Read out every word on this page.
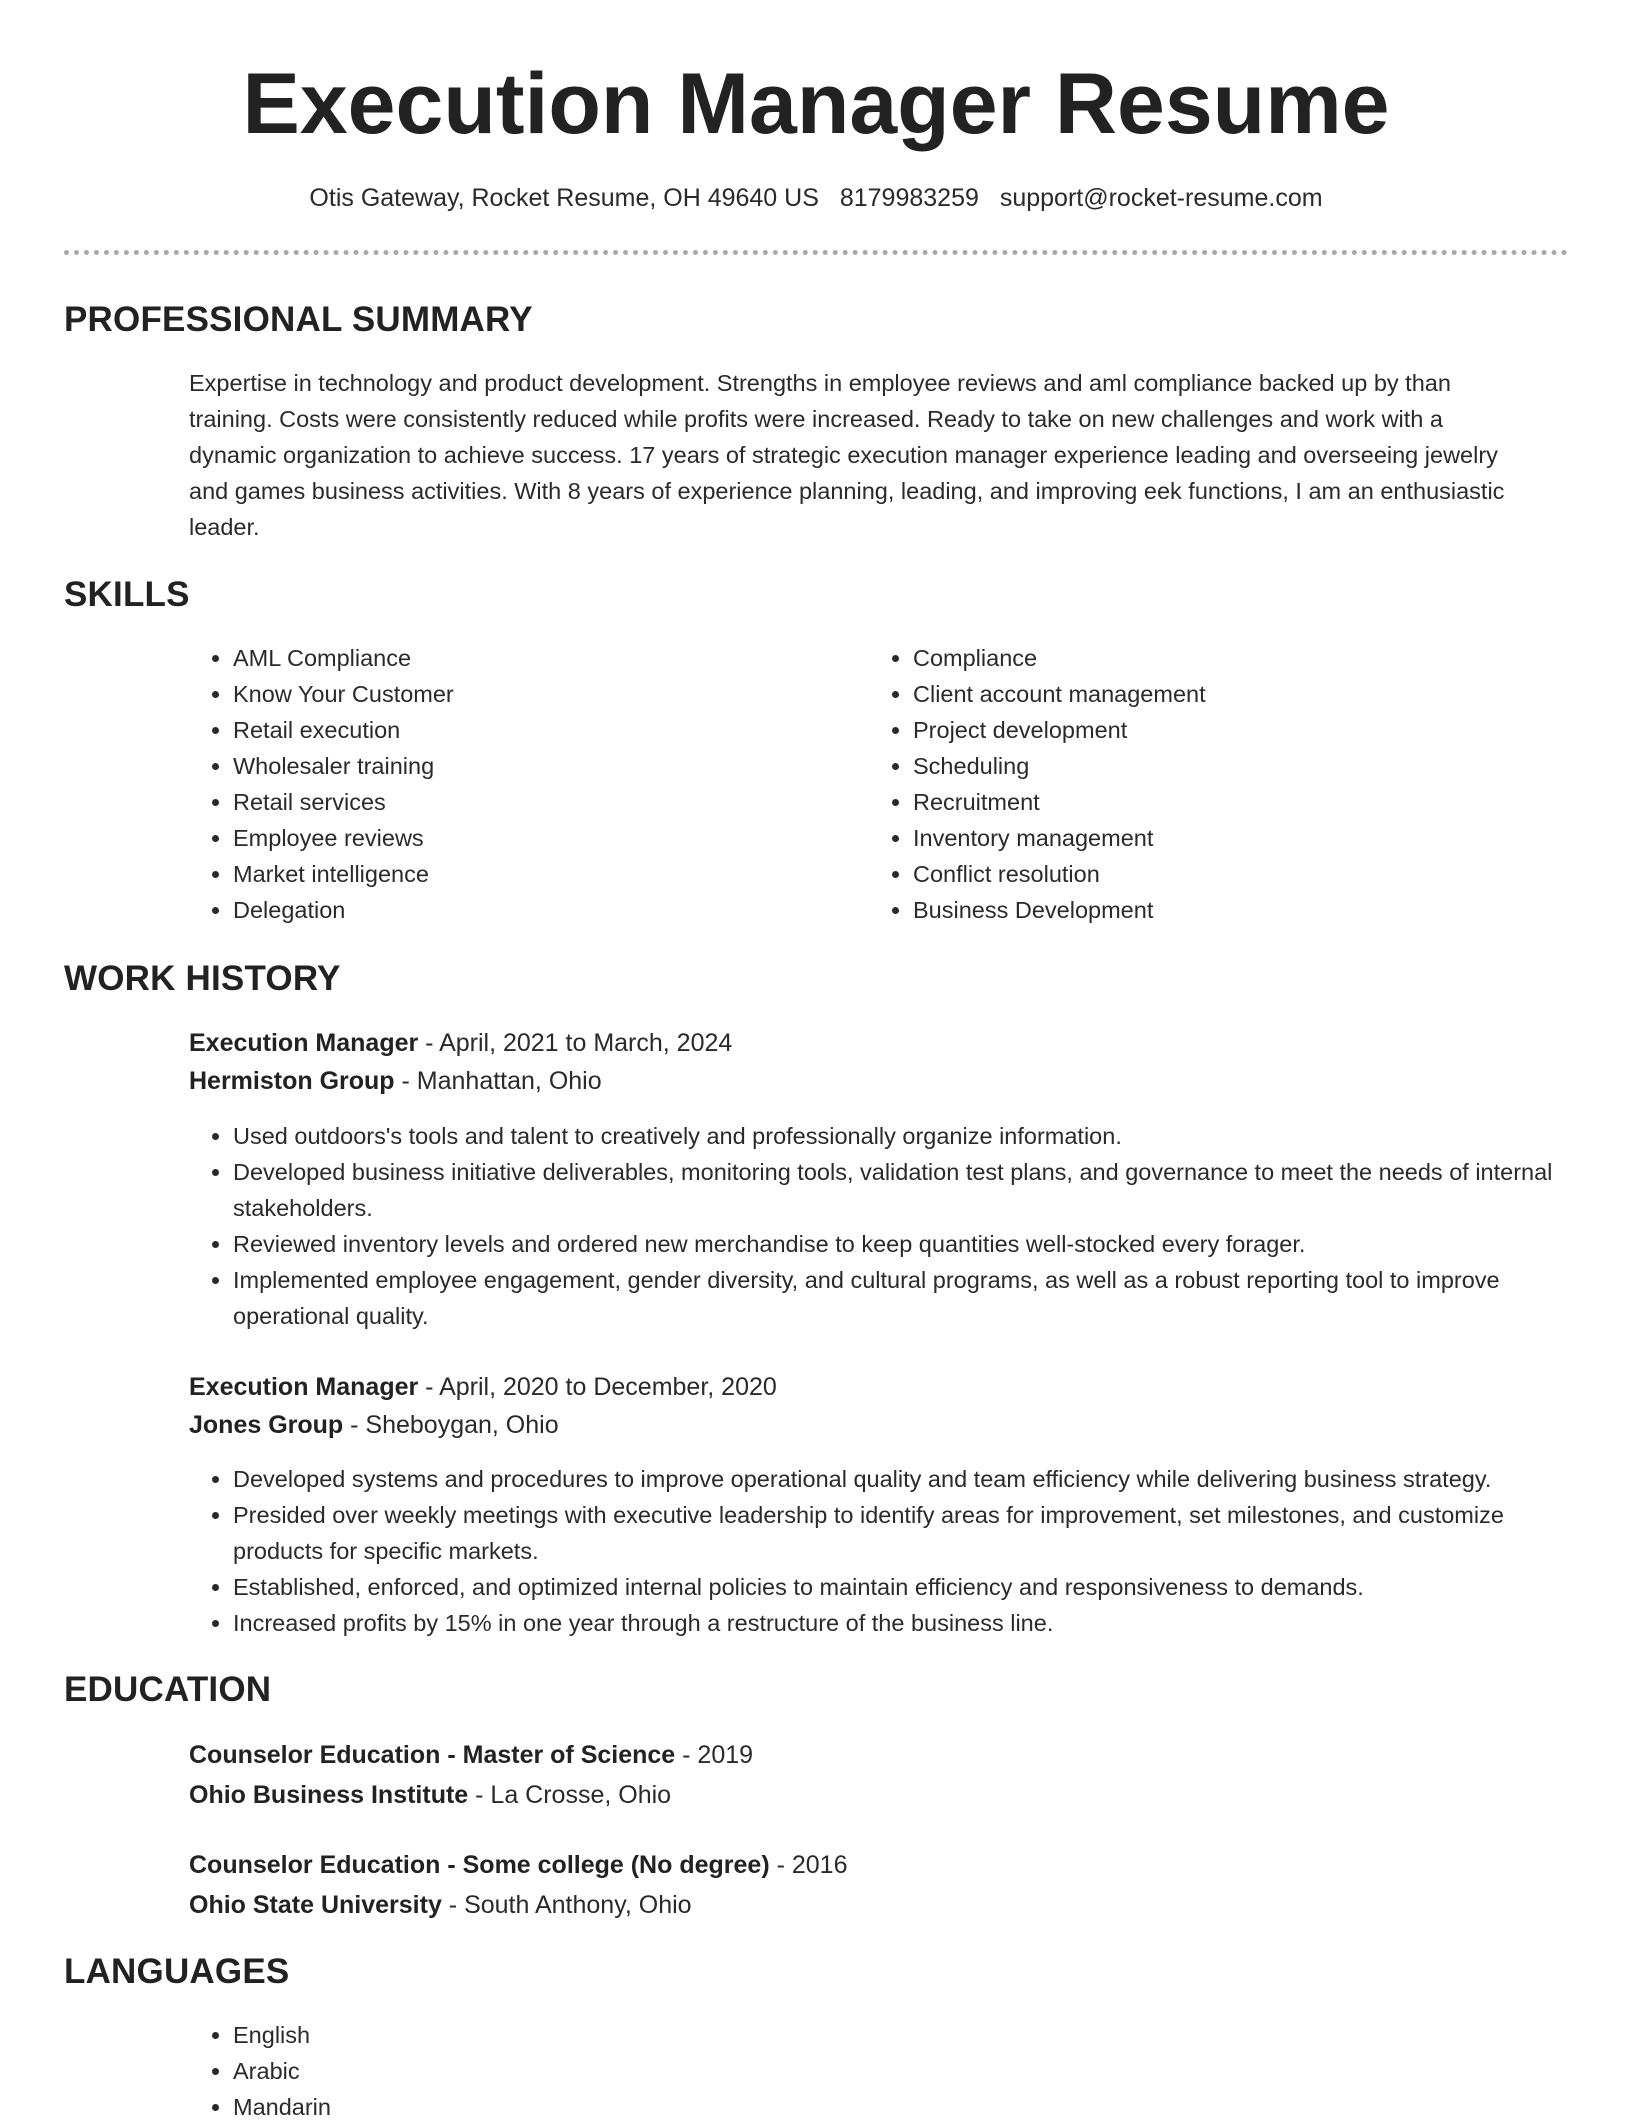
Execution Manager Resume
Otis Gateway, Rocket Resume, OH 49640 US 8179983259 support@rocket-resume.com
PROFESSIONAL SUMMARY

Expertise in technology and product development. Strengths in employee reviews and aml compliance backed up by than training. Costs were consistently reduced while profits were increased. Ready to take on new challenges and work with a dynamic organization to achieve success. 17 years of strategic execution manager experience leading and overseeing jewelry and games business activities. With 8 years of experience planning, leading, and improving eek functions, I am an enthusiastic leader.

SKILLS
• AML Compliance
• Know Your Customer
• Retail execution
• Wholesaler training
• Retail services
• Employee reviews
• Market intelligence
• Delegation
• Compliance
• Client account management
• Project development
• Scheduling
• Recruitment
• Inventory management
• Conflict resolution
• Business Development
WORK HISTORY
Execution Manager - April, 2021 to March, 2024
Hermiston Group - Manhattan, Ohio
• Used outdoors's tools and talent to creatively and professionally organize information.
• Developed business initiative deliverables, monitoring tools, validation test plans, and governance to meet the needs of internal stakeholders.
• Reviewed inventory levels and ordered new merchandise to keep quantities well-stocked every forager.
• Implemented employee engagement, gender diversity, and cultural programs, as well as a robust reporting tool to improve operational quality.
Execution Manager - April, 2020 to December, 2020
Jones Group - Sheboygan, Ohio
• Developed systems and procedures to improve operational quality and team efficiency while delivering business strategy.
• Presided over weekly meetings with executive leadership to identify areas for improvement, set milestones, and customize products for specific markets.
• Established, enforced, and optimized internal policies to maintain efficiency and responsiveness to demands.
• Increased profits by 15% in one year through a restructure of the business line.
EDUCATION
Counselor Education - Master of Science - 2019
Ohio Business Institute - La Crosse, Ohio
Counselor Education - Some college (No degree) - 2016
Ohio State University - South Anthony, Ohio
LANGUAGES
• English
• Arabic
• Mandarin
